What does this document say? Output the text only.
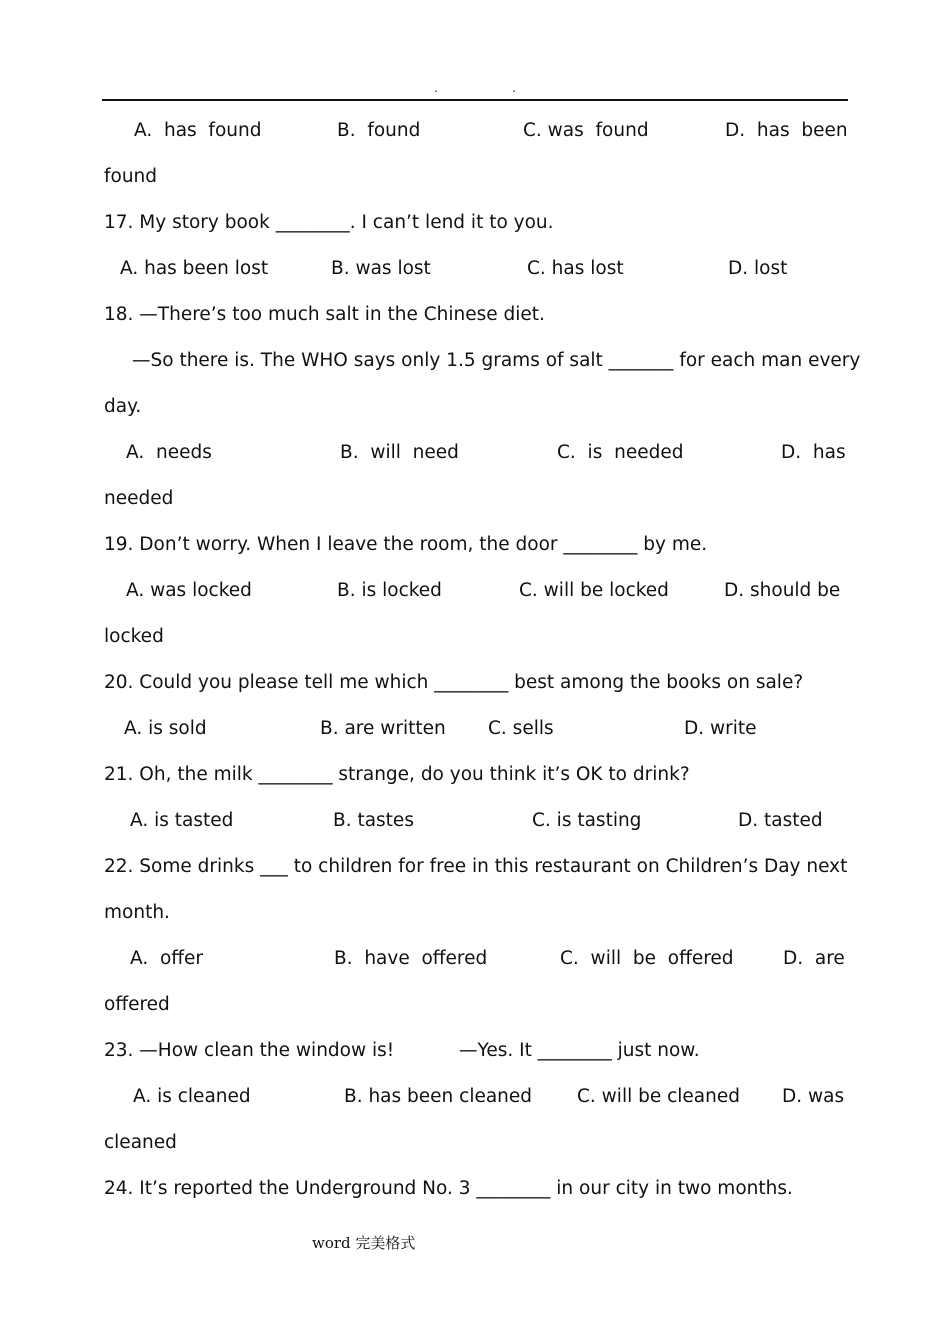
.	.
A.  has  found	B.  found	C. was  found	D.  has  been
found
17. My story book ________. I can’t lend it to you.
A. has been lost	B. was lost	C. has lost	D. lost
18. —There’s too much salt in the Chinese diet.
—So there is. The WHO says only 1.5 grams of salt _______ for each man every
day.
A.  needs	B.  will  need	C.  is  needed	D.  has
needed
19. Don’t worry. When I leave the room, the door ________ by me.
A. was locked	B. is locked	C. will be locked	D. should be
locked
20. Could you please tell me which ________ best among the books on sale?
A. is sold	B. are written C. sells	D. write
21. Oh, the milk ________ strange, do you think it’s OK to drink?
A. is tasted	B. tastes	C. is tasting	D. tasted
22. Some drinks ___ to children for free in this restaurant on Children’s Day next
month.
A.  offer	B.  have  offered	C.  will  be  offered	D.  are
offered
23. —How clean the window is!	—Yes. It ________ just now.
A. is cleaned	B. has been cleaned C. will be cleaned D. was
cleaned
24. It’s reported the Underground No. 3 ________ in our city in two months.
word 完美格式
